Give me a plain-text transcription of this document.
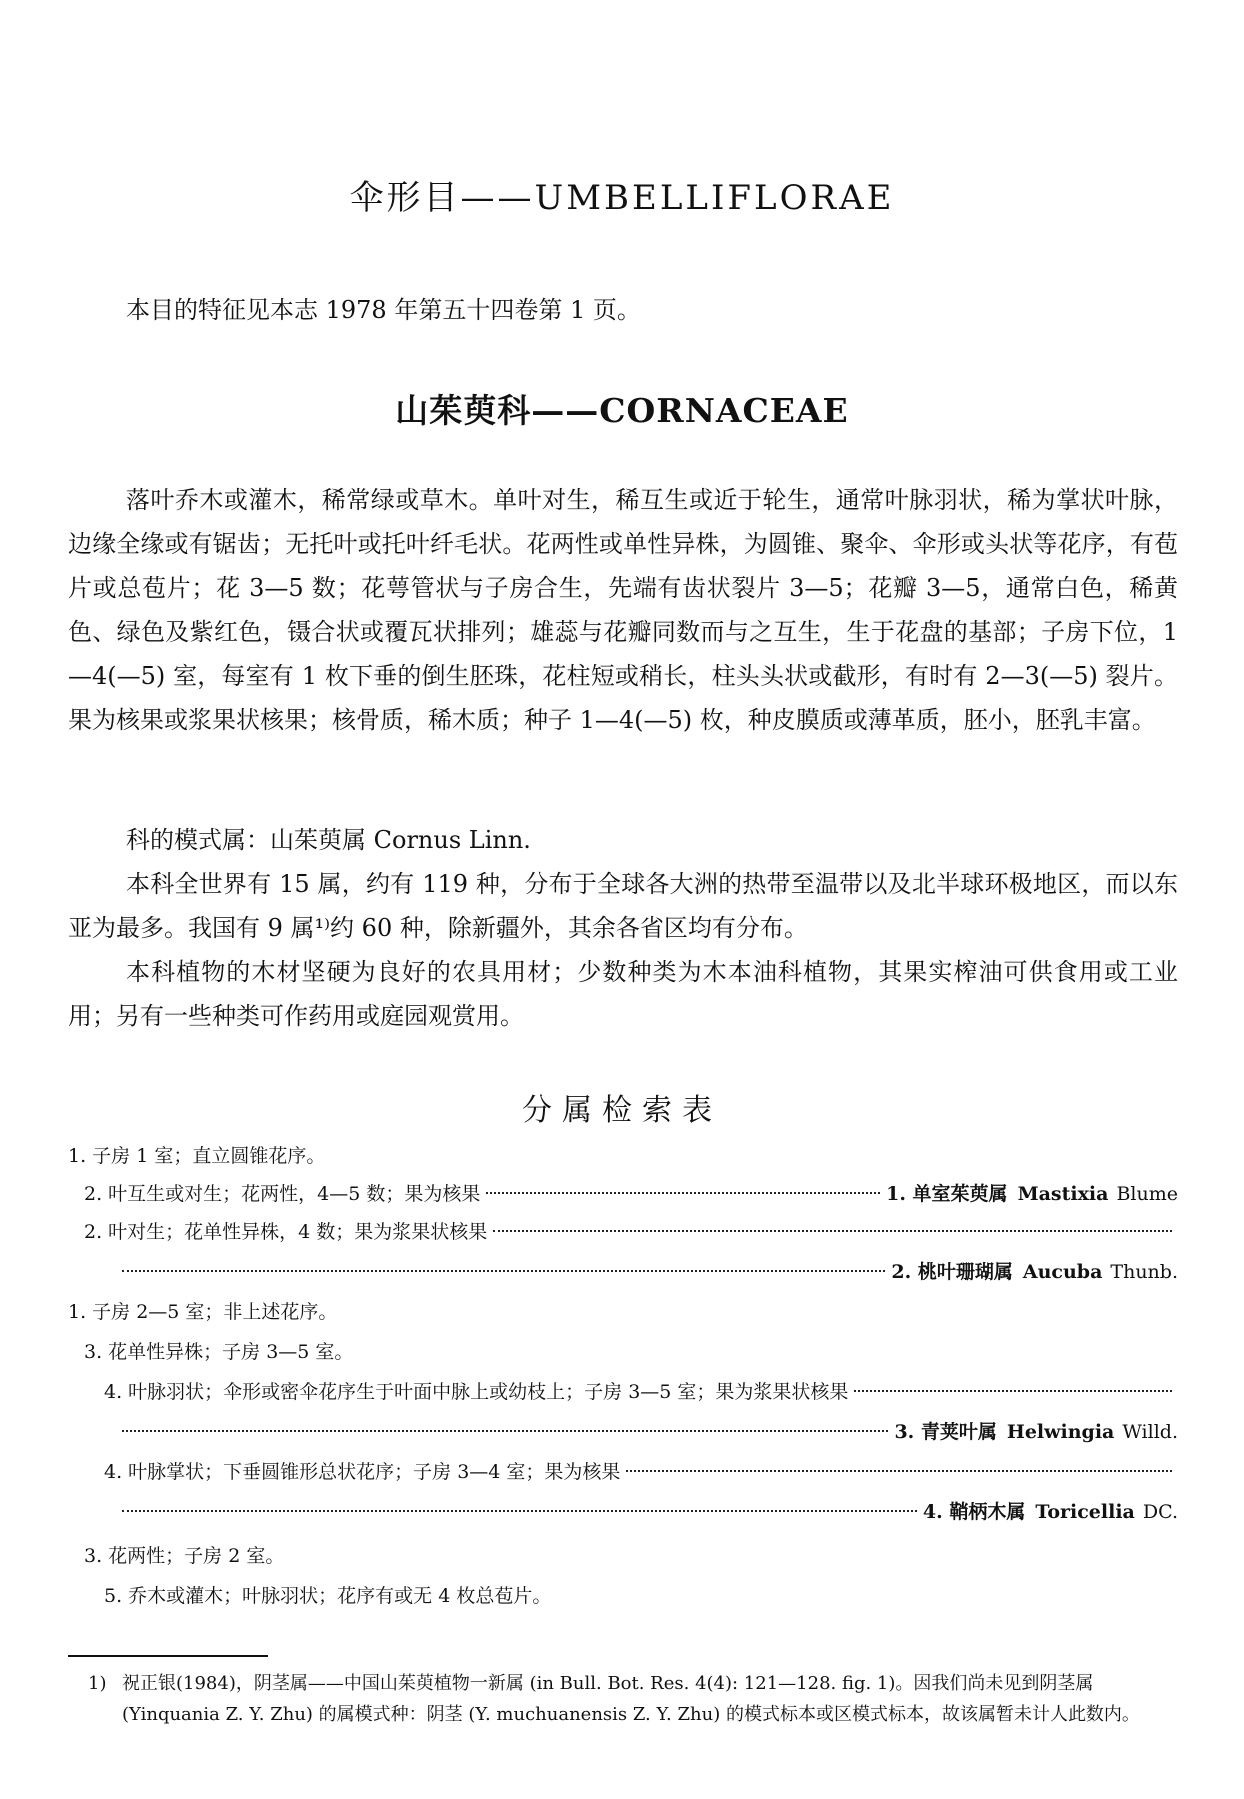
伞形目——UMBELLIFLORAE

本目的特征见本志 1978 年第五十四卷第 1 页。

山茱萸科——CORNACEAE

落叶乔木或灌木，稀常绿或草木。单叶对生，稀互生或近于轮生，通常叶脉羽状，稀为掌状叶脉，边缘全缘或有锯齿；无托叶或托叶纤毛状。花两性或单性异株，为圆锥、聚伞、伞形或头状等花序，有苞片或总苞片；花 3—5 数；花萼管状与子房合生，先端有齿状裂片 3—5；花瓣 3—5，通常白色，稀黄色、绿色及紫红色，镊合状或覆瓦状排列；雄蕊与花瓣同数而与之互生，生于花盘的基部；子房下位，1—4(—5) 室，每室有 1 枚下垂的倒生胚珠，花柱短或稍长，柱头头状或截形，有时有 2—3(—5) 裂片。果为核果或浆果状核果；核骨质，稀木质；种子 1—4(—5) 枚，种皮膜质或薄革质，胚小，胚乳丰富。

科的模式属：山茱萸属 Cornus Linn.

本科全世界有 15 属，约有 119 种，分布于全球各大洲的热带至温带以及北半球环极地区，而以东亚为最多。我国有 9 属¹⁾约 60 种，除新疆外，其余各省区均有分布。

本科植物的木材坚硬为良好的农具用材；少数种类为木本油科植物，其果实榨油可供食用或工业用；另有一些种类可作药用或庭园观赏用。

分属检索表
1. 子房 1 室；直立圆锥花序。
2. 叶互生或对生；花两性，4—5 数；果为核果	1. 单室茱萸属 Mastixia Blume
2. 叶对生；花单性异株，4 数；果为浆果状核果
2. 桃叶珊瑚属 Aucuba Thunb.
1. 子房 2—5 室；非上述花序。
3. 花单性异株；子房 3—5 室。
4. 叶脉羽状；伞形或密伞花序生于叶面中脉上或幼枝上；子房 3—5 室；果为浆果状核果
3. 青荚叶属 Helwingia Willd.
4. 叶脉掌状；下垂圆锥形总状花序；子房 3—4 室；果为核果
4. 鞘柄木属 Toricellia DC.
3. 花两性；子房 2 室。
5. 乔木或灌木；叶脉羽状；花序有或无 4 枚总苞片。

1) 祝正银(1984)，阴茎属——中国山茱萸植物一新属 (in Bull. Bot. Res. 4(4): 121—128. fig. 1)。因我们尚未见到阴茎属 (Yinquania Z. Y. Zhu) 的属模式种：阴茎 (Y. muchuanensis Z. Y. Zhu) 的模式标本或区模式标本，故该属暂未计人此数内。
